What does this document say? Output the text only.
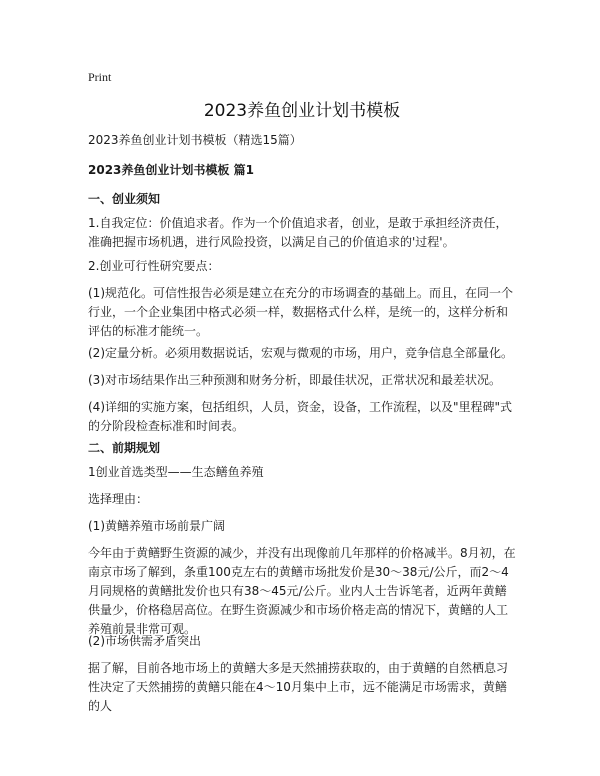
Print
2023养鱼创业计划书模板
2023养鱼创业计划书模板（精选15篇）
2023养鱼创业计划书模板 篇1
一、创业须知
1.自我定位：价值追求者。作为一个价值追求者，创业，是敢于承担经济责任，准确把握市场机遇，进行风险投资，以满足自己的价值追求的'过程'。
2.创业可行性研究要点：
(1)规范化。可信性报告必须是建立在充分的市场调查的基础上。而且，在同一个行业，一个企业集团中格式必须一样，数据格式什么样，是统一的，这样分析和评估的标准才能统一。
(2)定量分析。必须用数据说话，宏观与微观的市场，用户，竞争信息全部量化。
(3)对市场结果作出三种预测和财务分析，即最佳状况，正常状况和最差状况。
(4)详细的实施方案，包括组织，人员，资金，设备，工作流程，以及"里程碑"式的分阶段检查标准和时间表。
二、前期规划
1创业首选类型——生态鳝鱼养殖
选择理由：
(1)黄鳝养殖市场前景广阔
今年由于黄鳝野生资源的减少，并没有出现像前几年那样的价格减半。8月初，在南京市场了解到，条重100克左右的黄鳝市场批发价是30～38元/公斤，而2～4月同规格的黄鳝批发价也只有38～45元/公斤。业内人士告诉笔者，近两年黄鳝供量少，价格稳居高位。在野生资源减少和市场价格走高的情况下，黄鳝的人工养殖前景非常可观。
(2)市场供需矛盾突出
据了解，目前各地市场上的黄鳝大多是天然捕捞获取的，由于黄鳝的自然栖息习性决定了天然捕捞的黄鳝只能在4～10月集中上市，远不能满足市场需求，黄鳝的人
